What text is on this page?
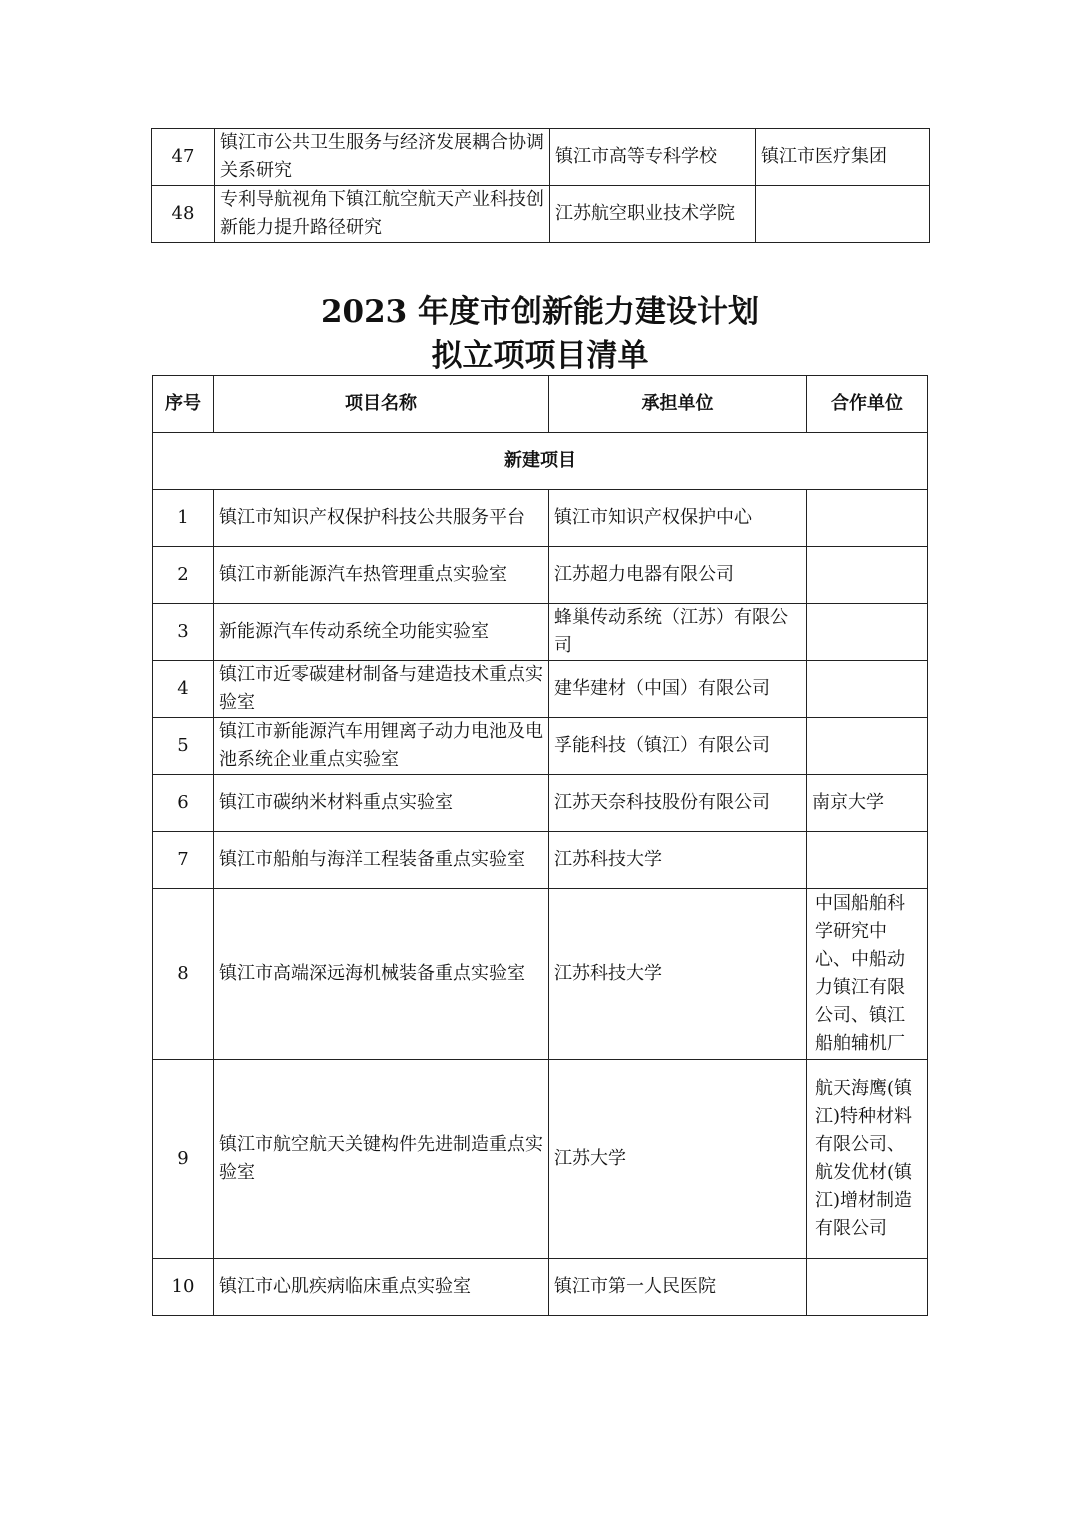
47	镇江市公共卫生服务与经济发展耦合协调关系研究	镇江市高等专科学校	镇江市医疗集团
48	专利导航视角下镇江航空航天产业科技创新能力提升路径研究	江苏航空职业技术学院	
2023 年度市创新能力建设计划
拟立项项目清单
序号	项目名称	承担单位	合作单位
新建项目			
1	镇江市知识产权保护科技公共服务平台	镇江市知识产权保护中心	
2	镇江市新能源汽车热管理重点实验室	江苏超力电器有限公司	
3	新能源汽车传动系统全功能实验室	蜂巢传动系统（江苏）有限公司	
4	镇江市近零碳建材制备与建造技术重点实验室	建华建材（中国）有限公司	
5	镇江市新能源汽车用锂离子动力电池及电池系统企业重点实验室	孚能科技（镇江）有限公司	
6	镇江市碳纳米材料重点实验室	江苏天奈科技股份有限公司	南京大学
7	镇江市船舶与海洋工程装备重点实验室	江苏科技大学	
8	镇江市高端深远海机械装备重点实验室	江苏科技大学	中国船舶科学研究中心、中船动力镇江有限公司、镇江船舶辅机厂
9	镇江市航空航天关键构件先进制造重点实验室	江苏大学	航天海鹰(镇江)特种材料有限公司、航发优材(镇江)增材制造有限公司
10	镇江市心肌疾病临床重点实验室	镇江市第一人民医院	
